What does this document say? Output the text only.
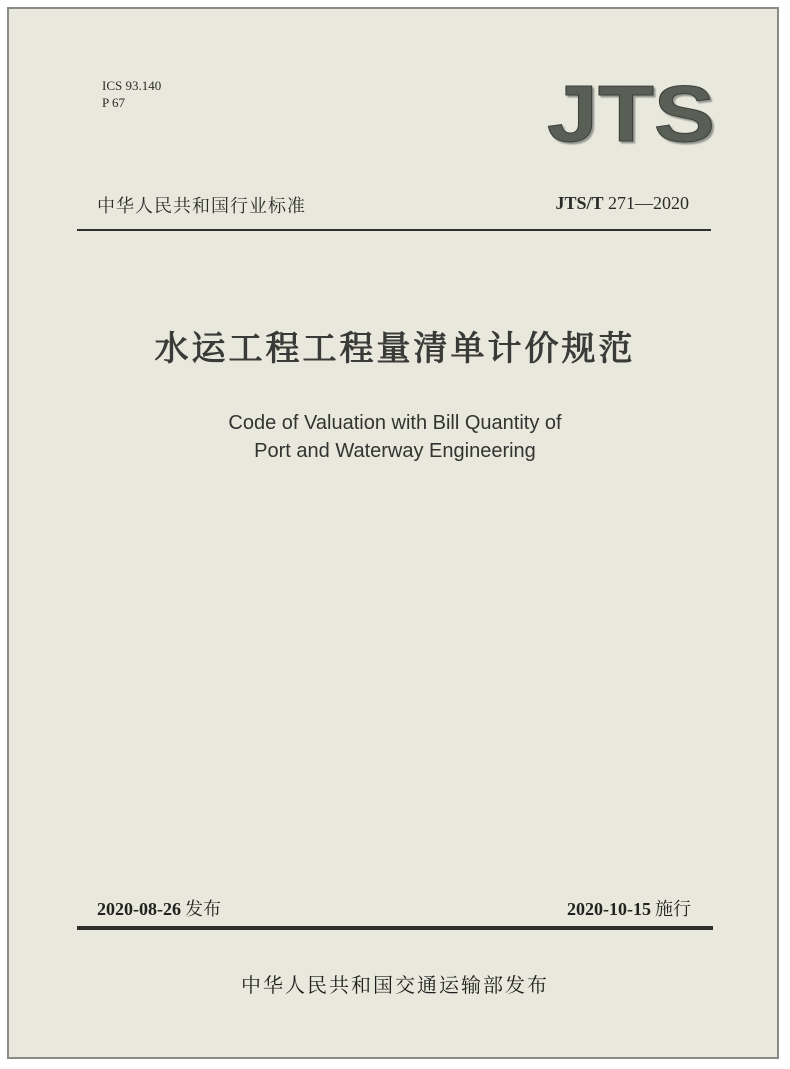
ICS 93.140
P 67	JTS
中华人民共和国行业标准	JTS/T 271—2020
水运工程工程量清单计价规范
Code of Valuation with Bill Quantity of
Port and Waterway Engineering
2020-08-26 发布	2020-10-15 施行
中华人民共和国交通运输部发布
